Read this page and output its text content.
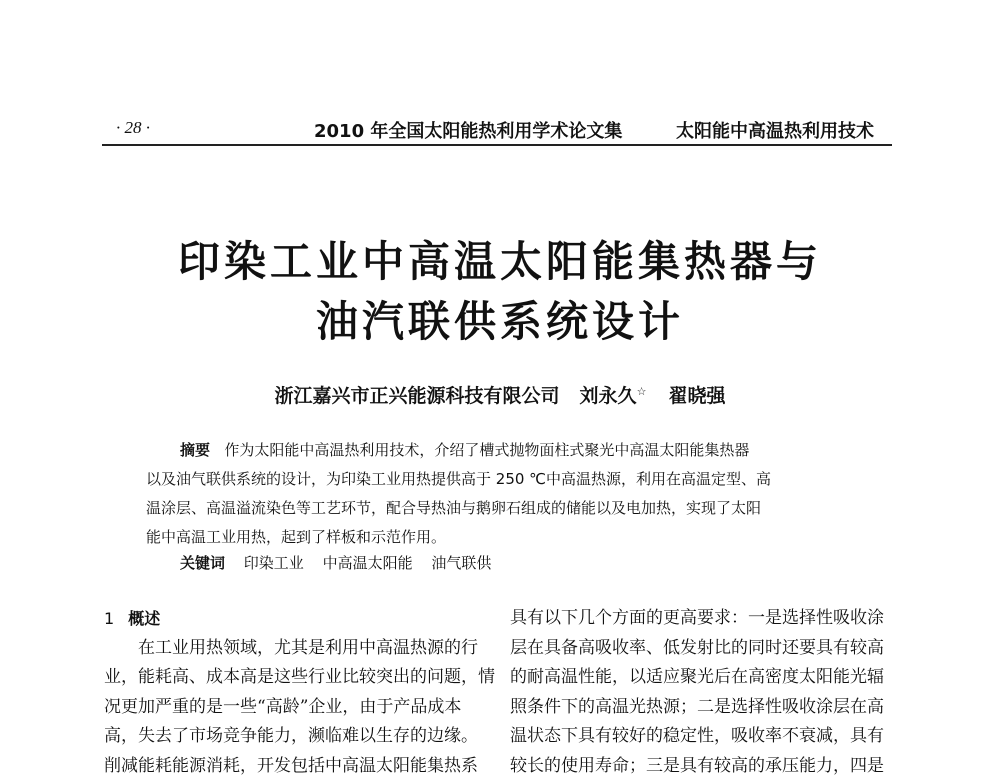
· 28 ·	2010 年全国太阳能热利用学术论文集	太阳能中高温热利用技术
印染工业中高温太阳能集热器与
油汽联供系统设计
浙江嘉兴市正兴能源科技有限公司 刘永久☆ 翟晓强
摘要 作为太阳能中高温热利用技术，介绍了槽式抛物面柱式聚光中高温太阳能集热器
以及油气联供系统的设计，为印染工业用热提供高于 250 ℃中高温热源，利用在高温定型、高
温涂层、高温溢流染色等工艺环节，配合导热油与鹅卵石组成的储能以及电加热，实现了太阳
能中高温工业用热，起到了样板和示范作用。
关键词 印染工业 中高温太阳能 油气联供
1 概述
在工业用热领域，尤其是利用中高温热源的行
业，能耗高、成本高是这些行业比较突出的问题，情
况更加严重的是一些“高龄”企业，由于产品成本
高，失去了市场竞争能力，濒临难以生存的边缘。
削减能耗能源消耗，开发包括中高温太阳能集热系
具有以下几个方面的更高要求：一是选择性吸收涂
层在具备高吸收率、低发射比的同时还要具有较高
的耐高温性能，以适应聚光后在高密度太阳能光辐
照条件下的高温光热源；二是选择性吸收涂层在高
温状态下具有较好的稳定性，吸收率不衰减，具有
较长的使用寿命；三是具有较高的承压能力，四是
